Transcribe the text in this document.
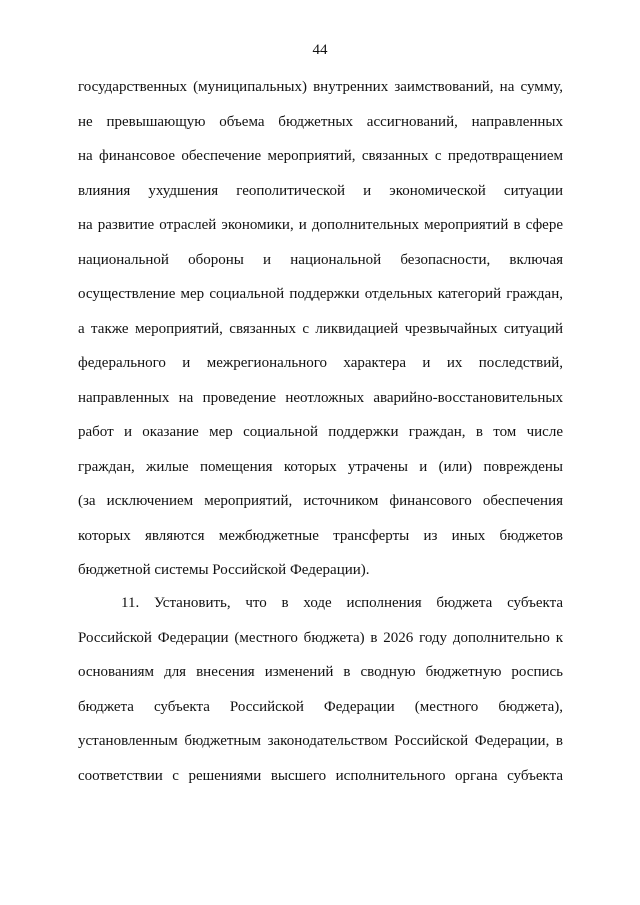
44
государственных (муниципальных) внутренних заимствований, на сумму,
не превышающую объема бюджетных ассигнований, направленных
на финансовое обеспечение мероприятий, связанных с предотвращением
влияния ухудшения геополитической и экономической ситуации
на развитие отраслей экономики, и дополнительных мероприятий в сфере
национальной обороны и национальной безопасности, включая
осуществление мер социальной поддержки отдельных категорий граждан,
а также мероприятий, связанных с ликвидацией чрезвычайных ситуаций
федерального и межрегионального характера и их последствий,
направленных на проведение неотложных аварийно-восстановительных
работ и оказание мер социальной поддержки граждан, в том числе
граждан, жилые помещения которых утрачены и (или) повреждены
(за исключением мероприятий, источником финансового обеспечения
которых являются межбюджетные трансферты из иных бюджетов
бюджетной системы Российской Федерации).
11. Установить, что в ходе исполнения бюджета субъекта
Российской Федерации (местного бюджета) в 2026 году дополнительно к
основаниям для внесения изменений в сводную бюджетную роспись
бюджета субъекта Российской Федерации (местного бюджета),
установленным бюджетным законодательством Российской Федерации, в
соответствии с решениями высшего исполнительного органа субъекта
